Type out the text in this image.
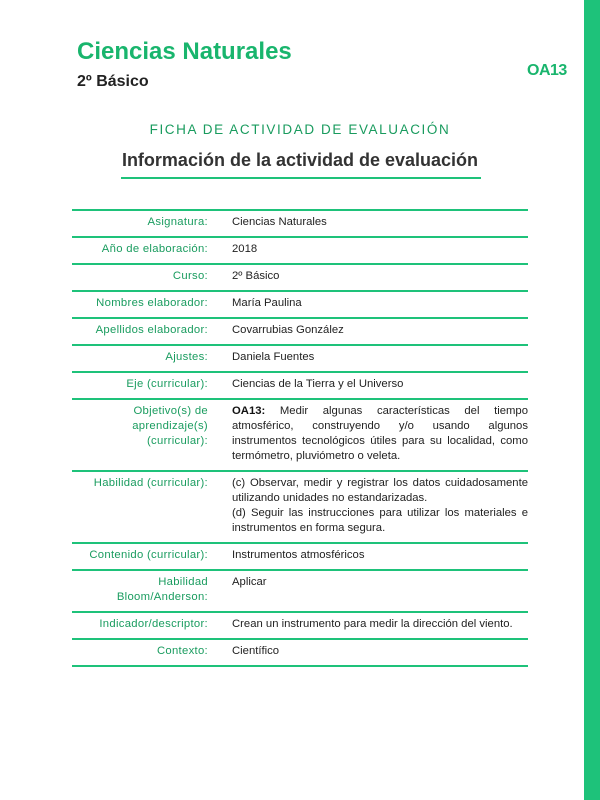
Ciencias Naturales
2º Básico
OA13
FICHA DE ACTIVIDAD DE EVALUACIÓN
Información de la actividad de evaluación
Asignatura:	Ciencias Naturales
Año de elaboración:	2018
Curso:	2º Básico
Nombres elaborador:	María Paulina
Apellidos elaborador:	Covarrubias González
Ajustes:	Daniela Fuentes
Eje (curricular):	Ciencias de la Tierra y el Universo
Objetivo(s) de aprendizaje(s) (curricular):	OA13: Medir algunas características del tiempo atmosférico, construyendo y/o usando algunos instrumentos tecnológicos útiles para su localidad, como termómetro, pluviómetro o veleta.
Habilidad (curricular):	(c) Observar, medir y registrar los datos cuidadosamente utilizando unidades no estandarizadas.
(d) Seguir las instrucciones para utilizar los materiales e instrumentos en forma segura.

Contenido (curricular):	Instrumentos atmosféricos
Habilidad Bloom/Anderson:	Aplicar
Indicador/descriptor:	Crean un instrumento para medir la dirección del viento.
Contexto:	Científico
